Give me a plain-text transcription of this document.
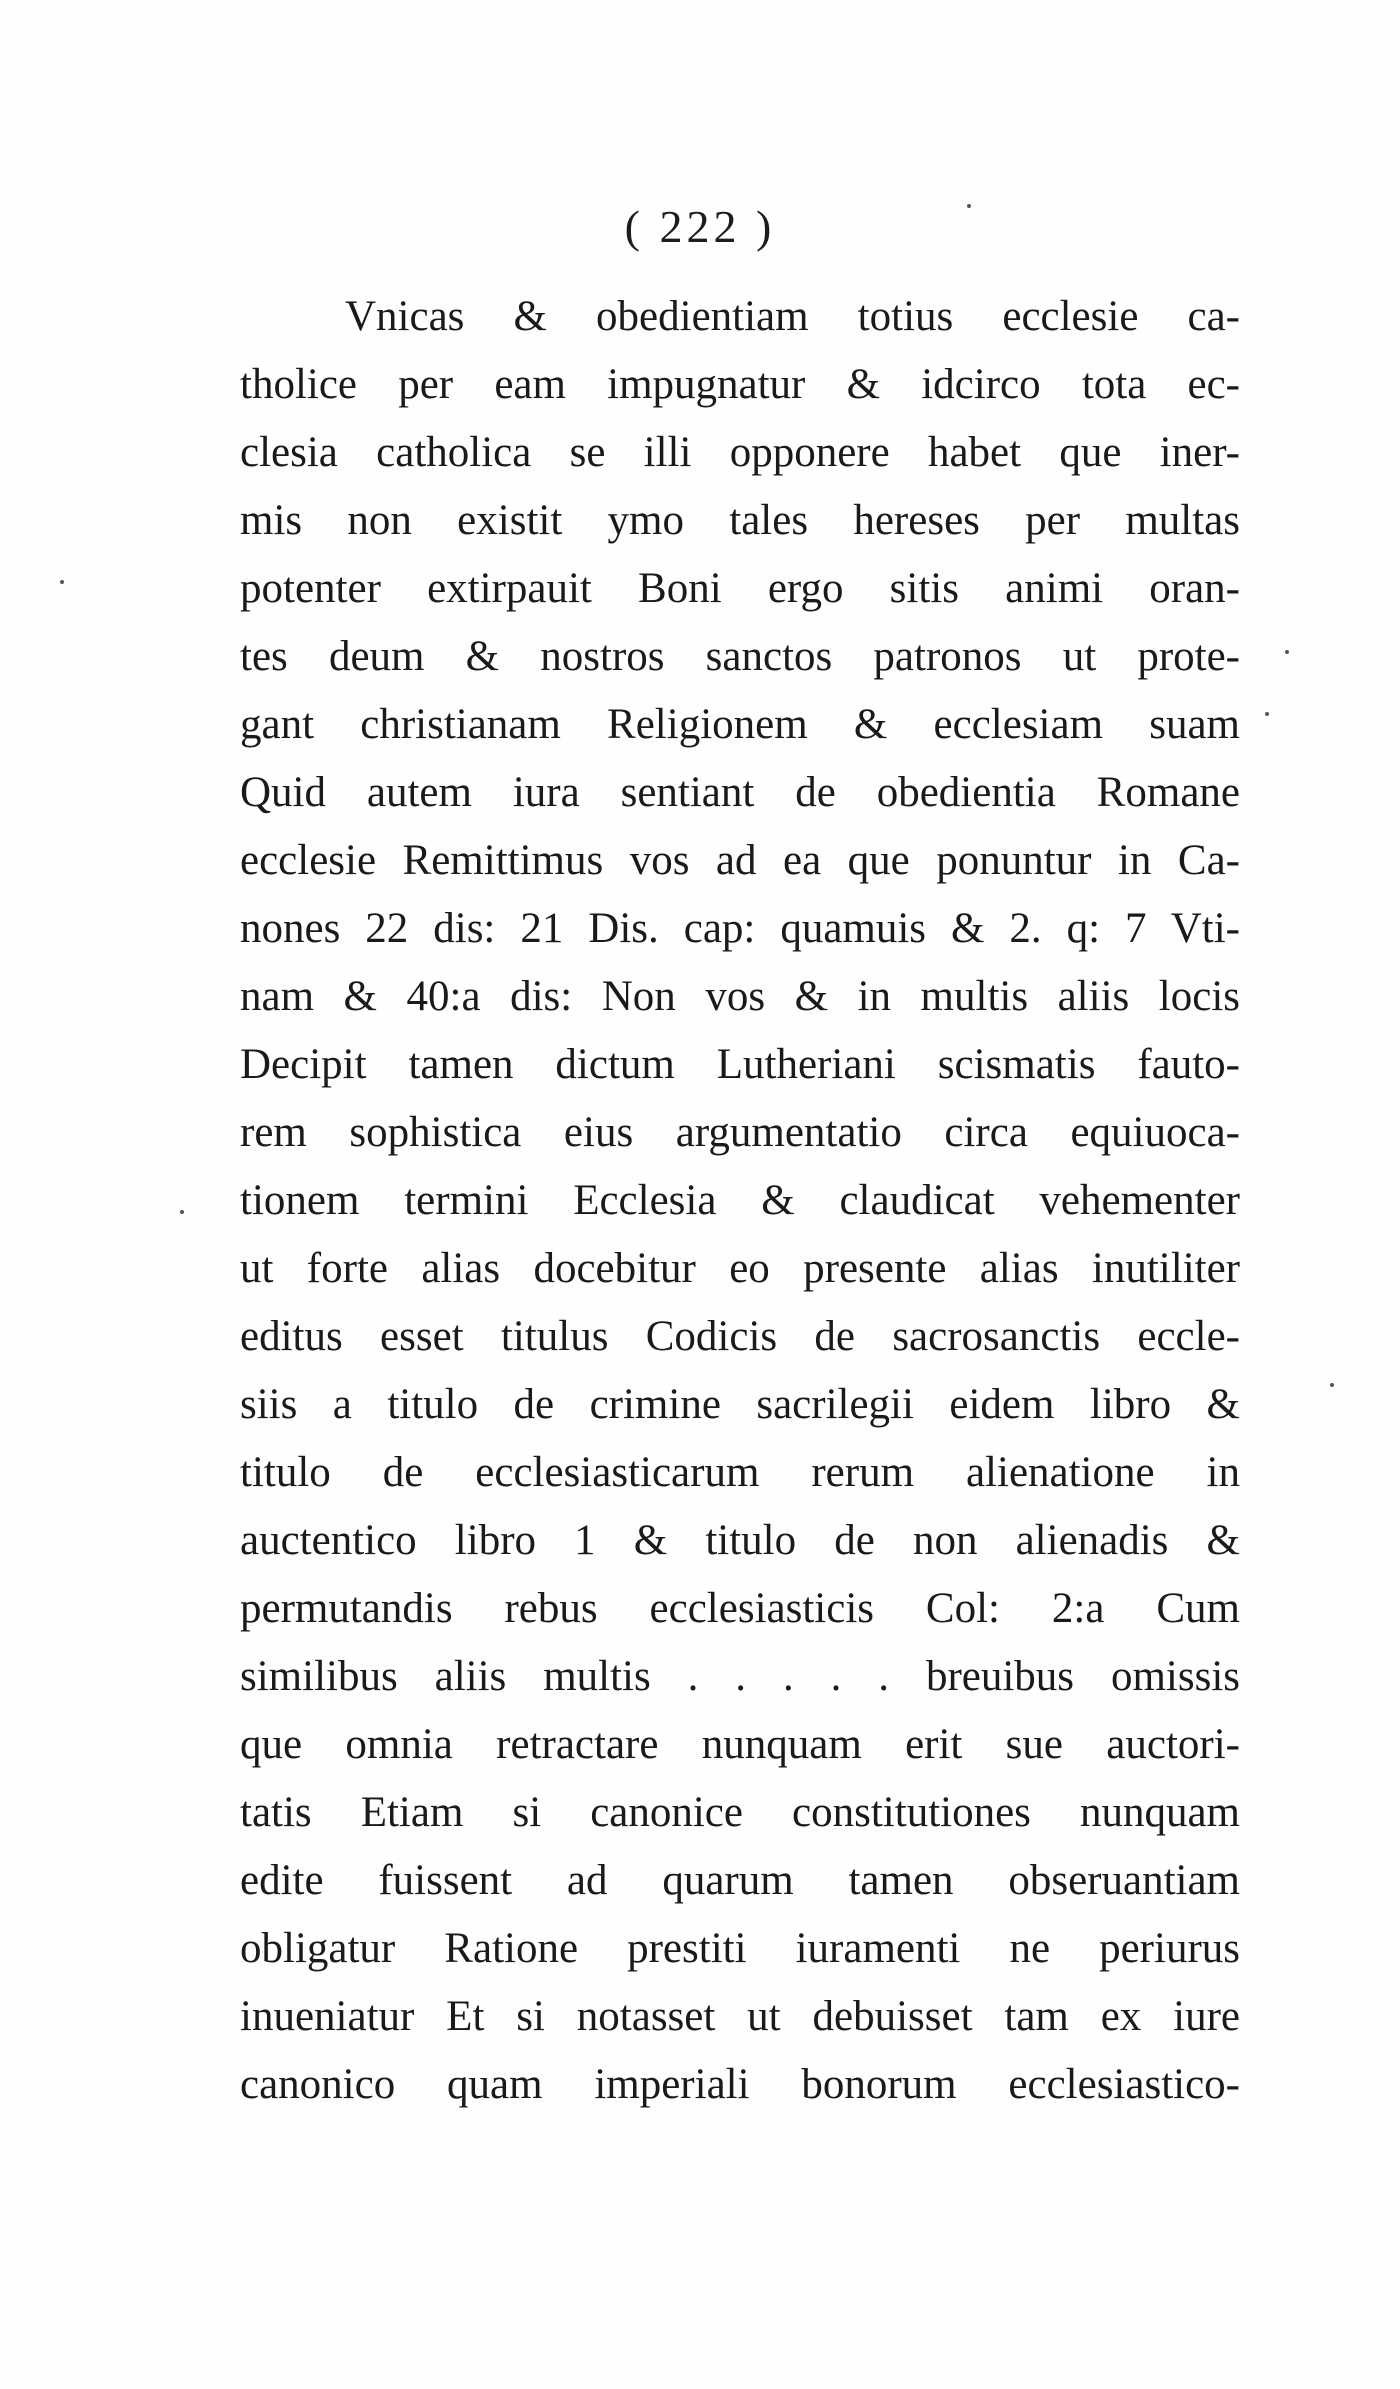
( 222 )
Vnicas & obedientiam totius ecclesie ca-
tholice per eam impugnatur & idcirco tota ec-
clesia catholica se illi opponere habet que iner-
mis non existit ymo tales hereses per multas
potenter extirpauit Boni ergo sitis animi oran-
tes deum & nostros sanctos patronos ut prote-
gant christianam Religionem & ecclesiam suam
Quid autem iura sentiant de obedientia Romane
ecclesie Remittimus vos ad ea que ponuntur in Ca-
nones 22 dis: 21 Dis. cap: quamuis & 2. q: 7 Vti-
nam & 40:a dis: Non vos & in multis aliis locis
Decipit tamen dictum Lutheriani scismatis fauto-
rem sophistica eius argumentatio circa equiuoca-
tionem termini Ecclesia & claudicat vehementer
ut forte alias docebitur eo presente alias inutiliter
editus esset titulus Codicis de sacrosanctis eccle-
siis a titulo de crimine sacrilegii eidem libro &
titulo de ecclesiasticarum rerum alienatione in
auctentico libro 1 & titulo de non alienadis &
permutandis rebus ecclesiasticis Col: 2:a Cum
similibus aliis multis . . . . . breuibus omissis
que omnia retractare nunquam erit sue auctori-
tatis Etiam si canonice constitutiones nunquam
edite fuissent ad quarum tamen obseruantiam
obligatur Ratione prestiti iuramenti ne periurus
inueniatur Et si notasset ut debuisset tam ex iure
canonico quam imperiali bonorum ecclesiastico-
